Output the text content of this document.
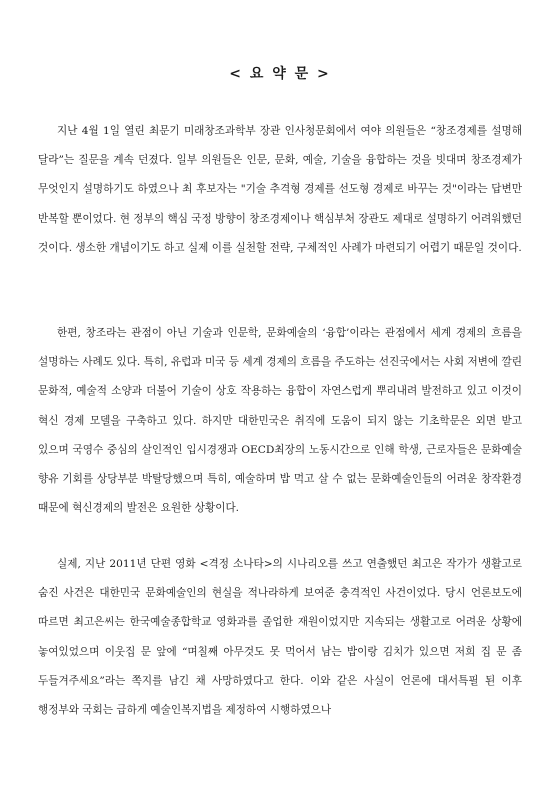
< 요 약 문 >

지난 4월 1일 열린 최문기 미래창조과학부 장관 인사청문회에서 여야 의원들은 “창조경제를 설명해 달라”는 질문을 계속 던졌다. 일부 의원들은 인문, 문화, 예술, 기술을 융합하는 것을 빗대며 창조경제가 무엇인지 설명하기도 하였으나 최 후보자는 "기술 추격형 경제를 선도형 경제로 바꾸는 것"이라는 답변만 반복할 뿐이었다. 현 정부의 핵심 국정 방향이 창조경제이나 핵심부처 장관도 제대로 설명하기 어려워했던 것이다. 생소한 개념이기도 하고 실제 이를 실천할 전략, 구체적인 사례가 마련되기 어렵기 때문일 것이다.

한편, 창조라는 관점이 아닌 기술과 인문학, 문화예술의 ‘융합’이라는 관점에서 세계 경제의 흐름을 설명하는 사례도 있다. 특히, 유럽과 미국 등 세계 경제의 흐름을 주도하는 선진국에서는 사회 저변에 깔린 문화적, 예술적 소양과 더불어 기술이 상호 작용하는 융합이 자연스럽게 뿌리내려 발전하고 있고 이것이 혁신 경제 모델을 구축하고 있다. 하지만 대한민국은 취직에 도움이 되지 않는 기초학문은 외면 받고 있으며 국영수 중심의 살인적인 입시경쟁과 OECD최장의 노동시간으로 인해 학생, 근로자들은 문화예술 향유 기회를 상당부분 박탈당했으며 특히, 예술하며 밥 먹고 살 수 없는 문화예술인들의 어려운 창작환경 때문에 혁신경제의 발전은 요원한 상황이다.

실제, 지난 2011년 단편 영화 <격정 소나타>의 시나리오를 쓰고 연출했던 최고은 작가가 생활고로 숨진 사건은 대한민국 문화예술인의 현실을 적나라하게 보여준 충격적인 사건이었다. 당시 언론보도에 따르면 최고은씨는 한국예술종합학교 영화과를 졸업한 재원이었지만 지속되는 생활고로 어려운 상황에 놓여있었으며 이웃집 문 앞에 “며칠째 아무것도 못 먹어서 남는 밥이랑 김치가 있으면 저희 집 문 좀 두들겨주세요”라는 쪽지를 남긴 채 사망하였다고 한다. 이와 같은 사실이 언론에 대서특필 된 이후 행정부와 국회는 급하게 예술인복지법을 제정하여 시행하였으나
